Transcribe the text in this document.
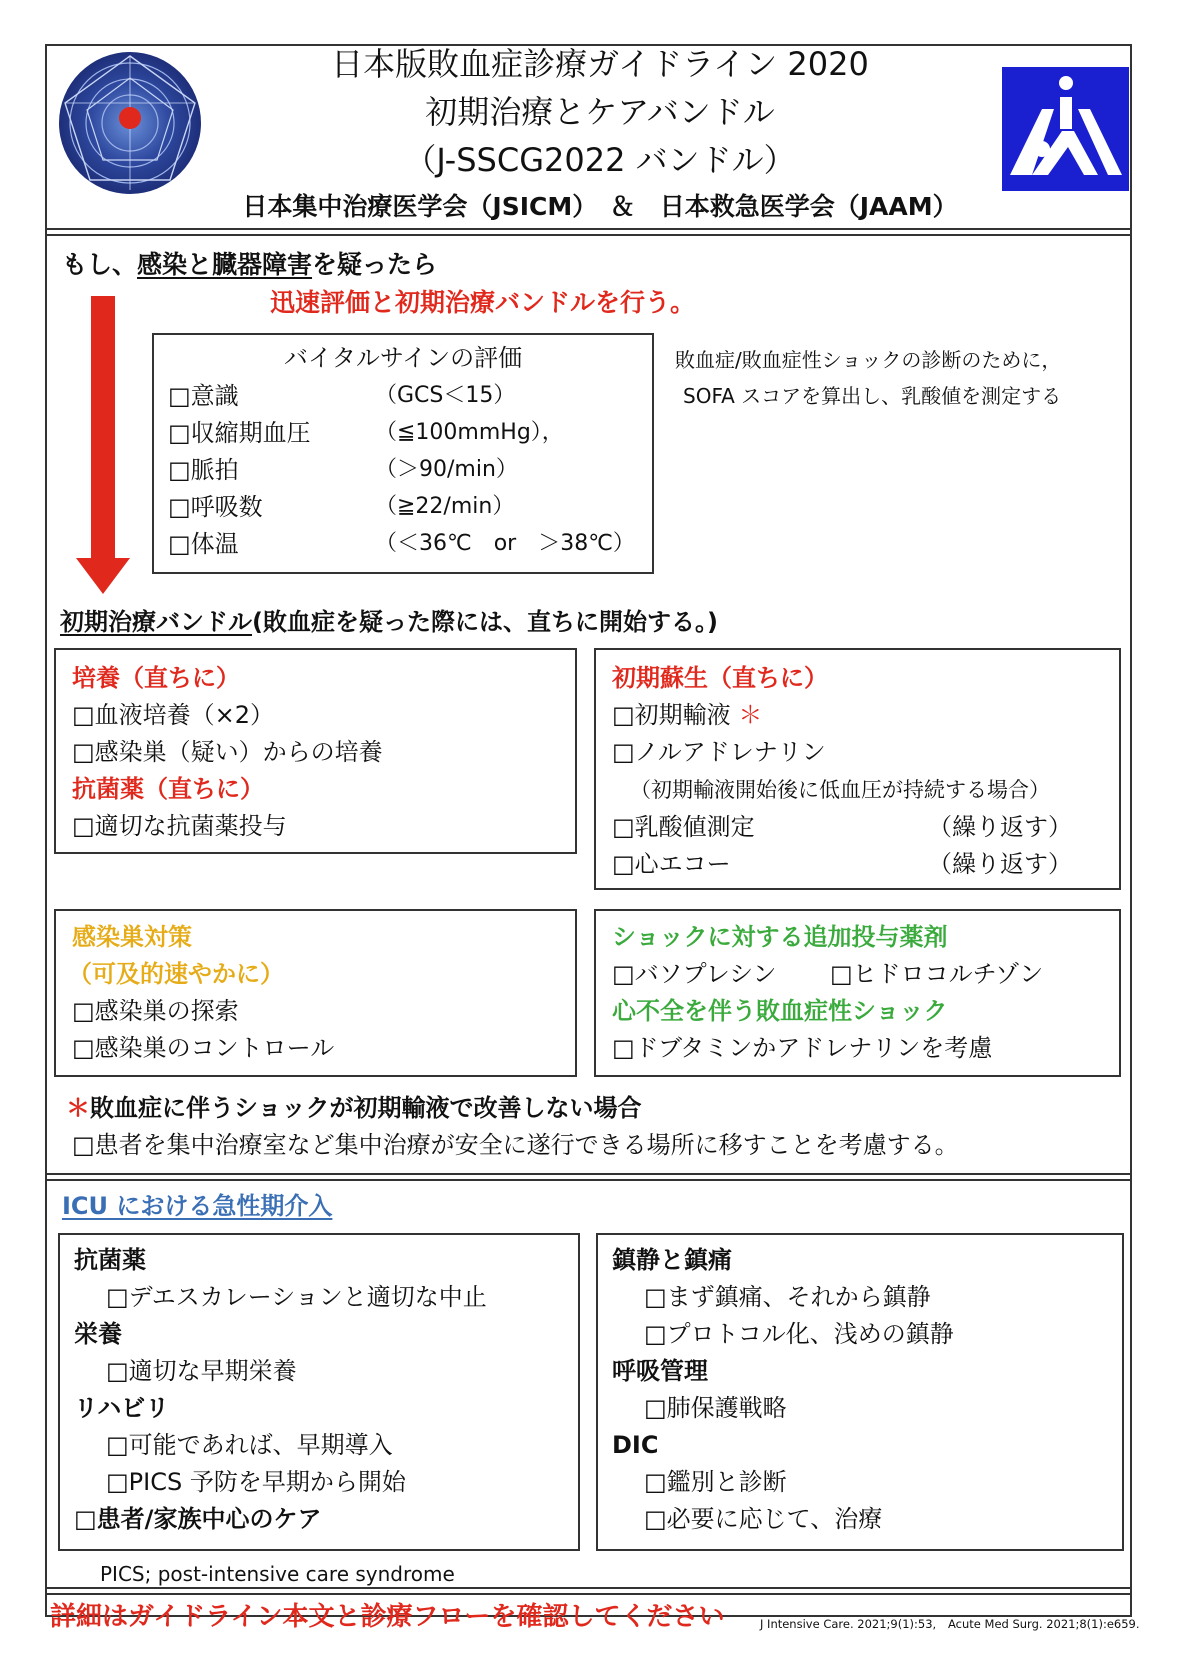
日本版敗血症診療ガイドライン 2020
初期治療とケアバンドル
（J-SSCG2022 バンドル）
日本集中治療医学会（JSICM）　＆　日本救急医学会（JAAM）
もし、感染と臓器障害を疑ったら
迅速評価と初期治療バンドルを行う。
バイタルサインの評価
□意識	（GCS＜15）
□収縮期血圧	（≦100mmHg），
□脈拍	（＞90/min）
□呼吸数	（≧22/min）
□体温	（＜36℃　or　＞38℃）
敗血症/敗血症性ショックの診断のために，
SOFA スコアを算出し、乳酸値を測定する
初期治療バンドル(敗血症を疑った際には、直ちに開始する。)
培養（直ちに）
□血液培養（×2）
□感染巣（疑い）からの培養
抗菌薬（直ちに）
□適切な抗菌薬投与
初期蘇生（直ちに）
□初期輸液 ＊
□ノルアドレナリン
（初期輸液開始後に低血圧が持続する場合）
□乳酸値測定	（繰り返す）
□心エコー	（繰り返す）
感染巣対策
（可及的速やかに）
□感染巣の探索
□感染巣のコントロール
ショックに対する追加投与薬剤
□バソプレシン □ヒドロコルチゾン
心不全を伴う敗血症性ショック
□ドブタミンかアドレナリンを考慮
＊敗血症に伴うショックが初期輸液で改善しない場合
□患者を集中治療室など集中治療が安全に遂行できる場所に移すことを考慮する。
ICU における急性期介入
抗菌薬
□デエスカレーションと適切な中止
栄養
□適切な早期栄養
リハビリ
□可能であれば、早期導入
□PICS 予防を早期から開始
□患者/家族中心のケア
鎮静と鎮痛
□まず鎮痛、それから鎮静
□プロトコル化、浅めの鎮静
呼吸管理
□肺保護戦略
DIC
□鑑別と診断
□必要に応じて、治療
PICS; post-intensive care syndrome
詳細はガイドライン本文と診療フローを確認してください	J Intensive Care. 2021;9(1):53, Acute Med Surg. 2021;8(1):e659.
